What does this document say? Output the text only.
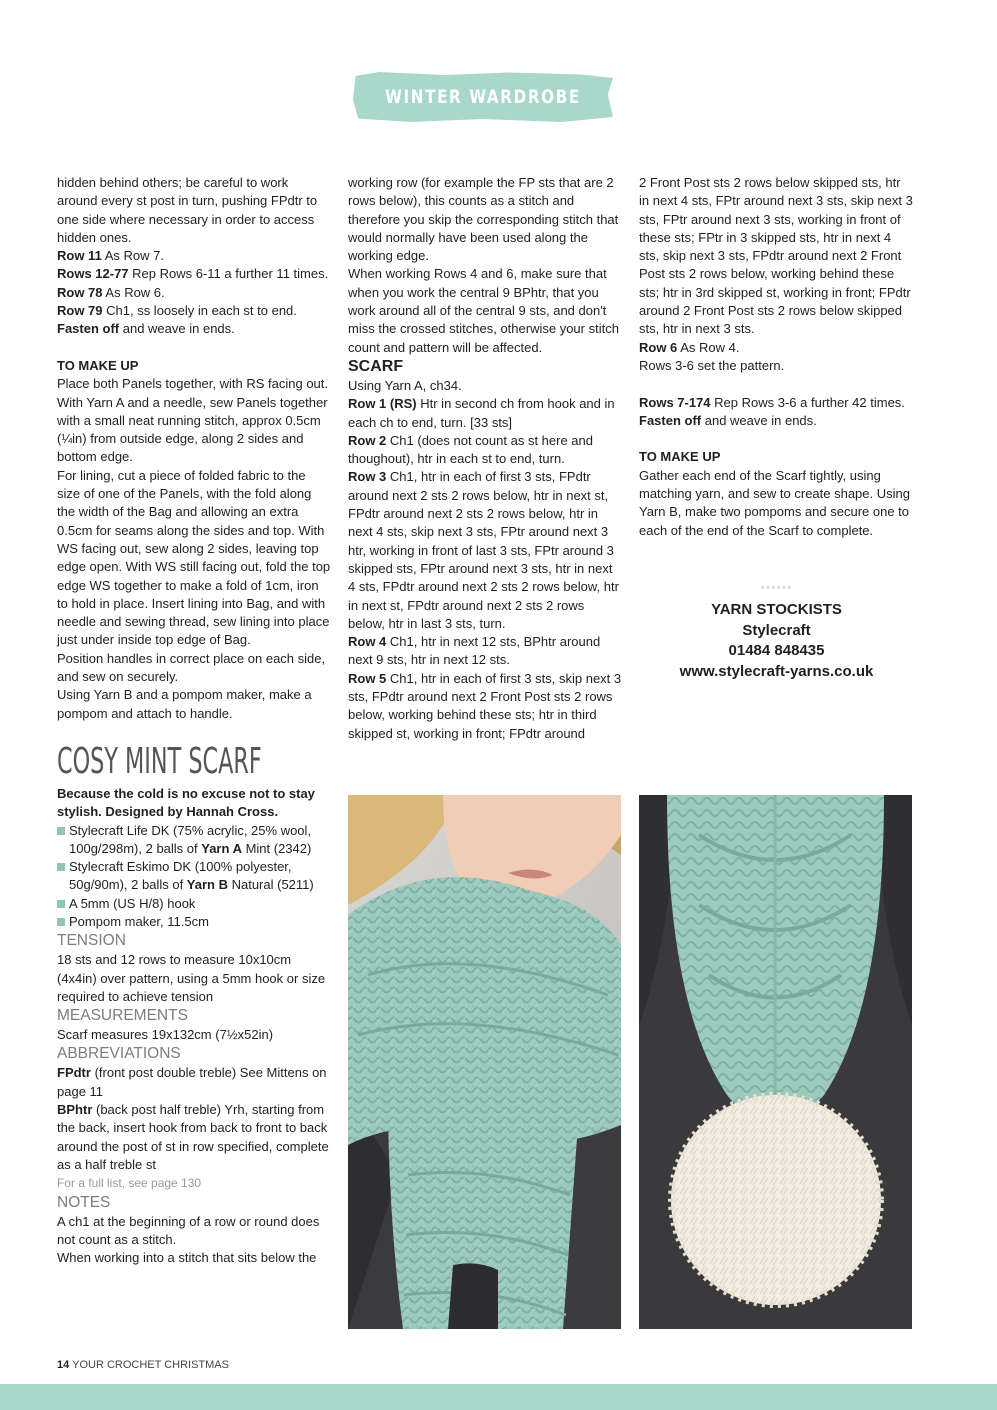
WINTER WARDROBE

hidden behind others; be careful to work around every st post in turn, pushing FPdtr to one side where necessary in order to access hidden ones.

Row 11 As Row 7.

Rows 12-77 Rep Rows 6-11 a further 11 times.

Row 78 As Row 6.

Row 79 Ch1, ss loosely in each st to end.

Fasten off and weave in ends.

TO MAKE UP

Place both Panels together, with RS facing out. With Yarn A and a needle, sew Panels together with a small neat running stitch, approx 0.5cm (¼in) from outside edge, along 2 sides and bottom edge.

For lining, cut a piece of folded fabric to the size of one of the Panels, with the fold along the width of the Bag and allowing an extra 0.5cm for seams along the sides and top. With WS facing out, sew along 2 sides, leaving top edge open. With WS still facing out, fold the top edge WS together to make a fold of 1cm, iron to hold in place. Insert lining into Bag, and with needle and sewing thread, sew lining into place just under inside top edge of Bag.

Position handles in correct place on each side, and sew on securely.

Using Yarn B and a pompom maker, make a pompom and attach to handle.

COSY MINT SCARF

Because the cold is no excuse not to stay stylish. Designed by Hannah Cross.

Stylecraft Life DK (75% acrylic, 25% wool, 100g/298m), 2 balls of Yarn A Mint (2342)
Stylecraft Eskimo DK (100% polyester, 50g/90m), 2 balls of Yarn B Natural (5211)
A 5mm (US H/8) hook
Pompom maker, 11.5cm

TENSION

18 sts and 12 rows to measure 10x10cm (4x4in) over pattern, using a 5mm hook or size required to achieve tension

MEASUREMENTS

Scarf measures 19x132cm (7½x52in)

ABBREVIATIONS

FPdtr (front post double treble) See Mittens on page 11

BPhtr (back post half treble) Yrh, starting from the back, insert hook from back to front to back around the post of st in row specified, complete as a half treble st

For a full list, see page 130

NOTES

A ch1 at the beginning of a row or round does not count as a stitch.

When working into a stitch that sits below the

working row (for example the FP sts that are 2 rows below), this counts as a stitch and therefore you skip the corresponding stitch that would normally have been used along the working edge.

When working Rows 4 and 6, make sure that when you work the central 9 BPhtr, that you work around all of the central 9 sts, and don't miss the crossed stitches, otherwise your stitch count and pattern will be affected.

SCARF

Using Yarn A, ch34.

Row 1 (RS) Htr in second ch from hook and in each ch to end, turn. [33 sts]

Row 2 Ch1 (does not count as st here and thoughout), htr in each st to end, turn.

Row 3 Ch1, htr in each of first 3 sts, FPdtr around next 2 sts 2 rows below, htr in next st, FPdtr around next 2 sts 2 rows below, htr in next 4 sts, skip next 3 sts, FPtr around next 3 htr, working in front of last 3 sts, FPtr around 3 skipped sts, FPtr around next 3 sts, htr in next 4 sts, FPdtr around next 2 sts 2 rows below, htr in next st, FPdtr around next 2 sts 2 rows below, htr in last 3 sts, turn.

Row 4 Ch1, htr in next 12 sts, BPhtr around next 9 sts, htr in next 12 sts.

Row 5 Ch1, htr in each of first 3 sts, skip next 3 sts, FPdtr around next 2 Front Post sts 2 rows below, working behind these sts; htr in third skipped st, working in front; FPdtr around

2 Front Post sts 2 rows below skipped sts, htr in next 4 sts, FPtr around next 3 sts, skip next 3 sts, FPtr around next 3 sts, working in front of these sts; FPtr in 3 skipped sts, htr in next 4 sts, skip next 3 sts, FPdtr around next 2 Front Post sts 2 rows below, working behind these sts; htr in 3rd skipped st, working in front; FPdtr around 2 Front Post sts 2 rows below skipped sts, htr in next 3 sts.

Row 6 As Row 4.

Rows 3-6 set the pattern.

Rows 7-174 Rep Rows 3-6 a further 42 times.

Fasten off and weave in ends.

TO MAKE UP

Gather each end of the Scarf tightly, using matching yarn, and sew to create shape. Using Yarn B, make two pompoms and secure one to each of the end of the Scarf to complete.

◦◦◦◦◦◦
YARN STOCKISTS
Stylecraft
01484 848435
www.stylecraft-yarns.co.uk
14 YOUR CROCHET CHRISTMAS
